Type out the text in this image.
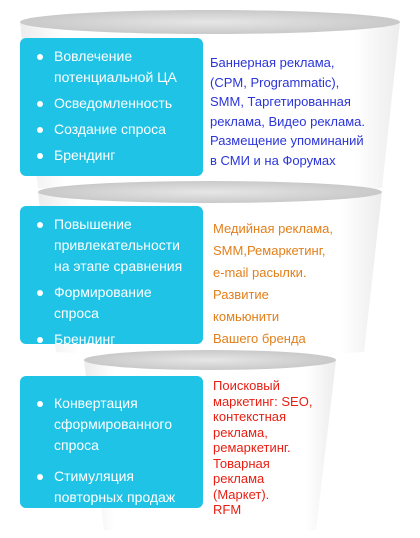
Вовлечение потенциальной ЦА
Осведомленность
Создание спроса
Брендинг
Баннерная реклама,
(CPM, Programmatic),
SMM, Таргетированная
реклама, Видео реклама.
Размещение упоминаний
в СМИ и на Форумах
Повышение привлекательности на этапе сравнения
Формирование спроса
Брендинг
Медийная реклама,
SMM,Ремаркетинг,
e-mail расылки.
Развитие
комьюнити
Вашего бренда
Конвертация сформированного спроса
Стимуляция повторных продаж
Поисковый
маркетинг: SEO,
контекстная
реклама,
ремаркетинг.
Товарная
реклама
(Маркет).
RFM
